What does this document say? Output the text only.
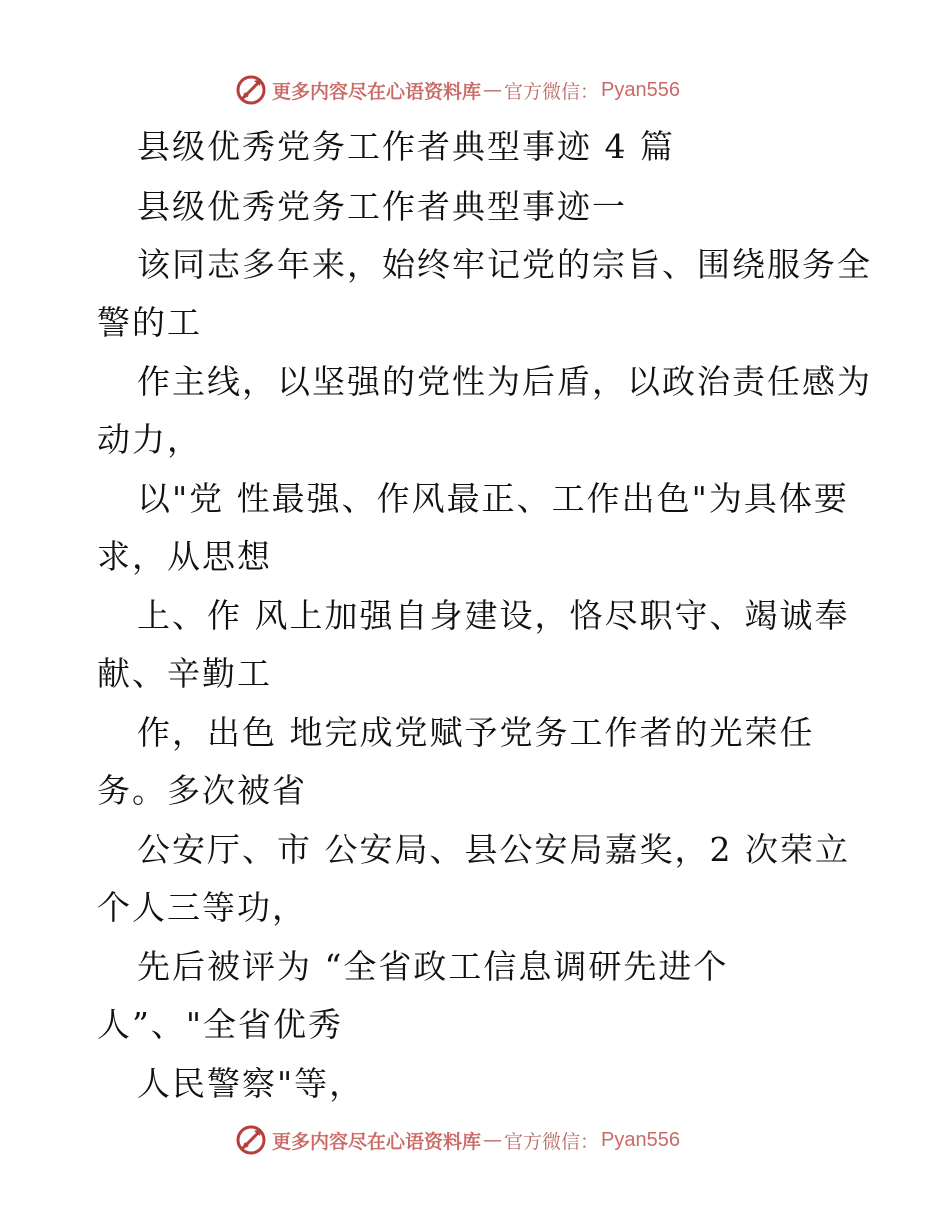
更多内容尽在心语资料库 — 官方微信： Pyan556
县级优秀党务工作者典型事迹 4 篇
县级优秀党务工作者典型事迹一
该同志多年来，始终牢记党的宗旨、围绕服务全
警的工
作主线，以坚强的党性为后盾，以政治责任感为
动力，
以"党 性最强、作风最正、工作出色"为具体要
求，从思想
上、作 风上加强自身建设，恪尽职守、竭诚奉
献、辛勤工
作，出色 地完成党赋予党务工作者的光荣任
务。多次被省
公安厅、市 公安局、县公安局嘉奖，2 次荣立
个人三等功，
先后被评为 “全省政工信息调研先进个
人”、"全省优秀
人民警察"等，
更多内容尽在心语资料库 — 官方微信： Pyan556
